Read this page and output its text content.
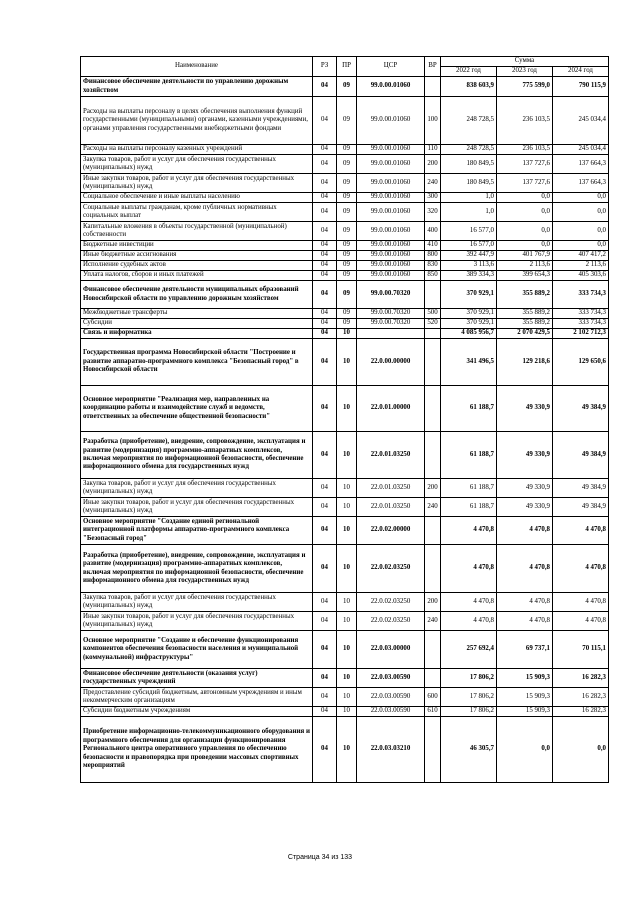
Наименование	РЗ	ПР	ЦСР	ВР	Сумма		
					2022 год	2023 год	2024 год
Финансовое обеспечение деятельности по управлению дорожным хозяйством	04	09	99.0.00.01060		838 603,9	775 599,0	790 115,9
Расходы на выплаты персоналу в целях обеспечения выполнения функций государственными (муниципальными) органами, казенными учреждениями, органами управления государственными внебюджетными фондами	04	09	99.0.00.01060	100	248 728,5	236 103,5	245 034,4
Расходы на выплаты персоналу казенных учреждений	04	09	99.0.00.01060	110	248 728,5	236 103,5	245 034,4
Закупка товаров, работ и услуг для обеспечения государственных (муниципальных) нужд	04	09	99.0.00.01060	200	180 849,5	137 727,6	137 664,3
Иные закупки товаров, работ и услуг для обеспечения государственных (муниципальных) нужд	04	09	99.0.00.01060	240	180 849,5	137 727,6	137 664,3
Социальное обеспечение и иные выплаты населению	04	09	99.0.00.01060	300	1,0	0,0	0,0
Социальные выплаты гражданам, кроме публичных нормативных социальных выплат	04	09	99.0.00.01060	320	1,0	0,0	0,0
Капитальные вложения в объекты государственной (муниципальной) собственности	04	09	99.0.00.01060	400	16 577,0	0,0	0,0
Бюджетные инвестиции	04	09	99.0.00.01060	410	16 577,0	0,0	0,0
Иные бюджетные ассигнования	04	09	99.0.00.01060	800	392 447,9	401 767,9	407 417,2
Исполнение судебных актов	04	09	99.0.00.01060	830	3 113,6	2 113,6	2 113,6
Уплата налогов, сборов и иных платежей	04	09	99.0.00.01060	850	389 334,3	399 654,3	405 303,6
Финансовое обеспечение деятельности муниципальных образований Новосибирской области по управлению дорожным хозяйством	04	09	99.0.00.70320		370 929,1	355 889,2	333 734,3
Межбюджетные трансферты	04	09	99.0.00.70320	500	370 929,1	355 889,2	333 734,3
Субсидии	04	09	99.0.00.70320	520	370 929,1	355 889,2	333 734,3
Связь и информатика	04	10			4 085 956,7	2 070 429,5	2 102 712,3
Государственная программа Новосибирской области "Построение и развитие аппаратно-программного комплекса "Безопасный город" в Новосибирской области	04	10	22.0.00.00000		341 496,5	129 218,6	129 650,6
Основное мероприятие "Реализация мер, направленных на координацию работы и взаимодействие служб и ведомств, ответственных за обеспечение общественной безопасности"	04	10	22.0.01.00000		61 188,7	49 330,9	49 384,9
Разработка (приобретение), внедрение, сопровождение, эксплуатация и развитие (модернизация) программно-аппаратных комплексов, включая мероприятия по информационной безопасности, обеспечение информационного обмена для государственных нужд	04	10	22.0.01.03250		61 188,7	49 330,9	49 384,9
Закупка товаров, работ и услуг для обеспечения государственных (муниципальных) нужд	04	10	22.0.01.03250	200	61 188,7	49 330,9	49 384,9
Иные закупки товаров, работ и услуг для обеспечения государственных (муниципальных) нужд	04	10	22.0.01.03250	240	61 188,7	49 330,9	49 384,9
Основное мероприятие "Создание единой региональной интеграционной платформы аппаратно-программного комплекса "Безопасный город"	04	10	22.0.02.00000		4 470,8	4 470,8	4 470,8
Разработка (приобретение), внедрение, сопровождение, эксплуатация и развитие (модернизация) программно-аппаратных комплексов, включая мероприятия по информационной безопасности, обеспечение информационного обмена для государственных нужд	04	10	22.0.02.03250		4 470,8	4 470,8	4 470,8
Закупка товаров, работ и услуг для обеспечения государственных (муниципальных) нужд	04	10	22.0.02.03250	200	4 470,8	4 470,8	4 470,8
Иные закупки товаров, работ и услуг для обеспечения государственных (муниципальных) нужд	04	10	22.0.02.03250	240	4 470,8	4 470,8	4 470,8
Основное мероприятие "Создание и обеспечение функционирования компонентов обеспечения безопасности населения и муниципальной (коммунальной) инфраструктуры"	04	10	22.0.03.00000		257 692,4	69 737,1	70 115,1
Финансовое обеспечение деятельности (оказания услуг) государственных учреждений	04	10	22.0.03.00590		17 806,2	15 909,3	16 282,3
Предоставление субсидий бюджетным, автономным учреждениям и иным некоммерческим организациям	04	10	22.0.03.00590	600	17 806,2	15 909,3	16 282,3
Субсидии бюджетным учреждениям	04	10	22.0.03.00590	610	17 806,2	15 909,3	16 282,3
Приобретение информационно-телекоммуникационного оборудования и программного обеспечения для организации функционирования Регионального центра оперативного управления по обеспечению безопасности и правопорядка при проведении массовых спортивных мероприятий	04	10	22.0.03.03210		46 305,7	0,0	0,0
Страница 34 из 133
